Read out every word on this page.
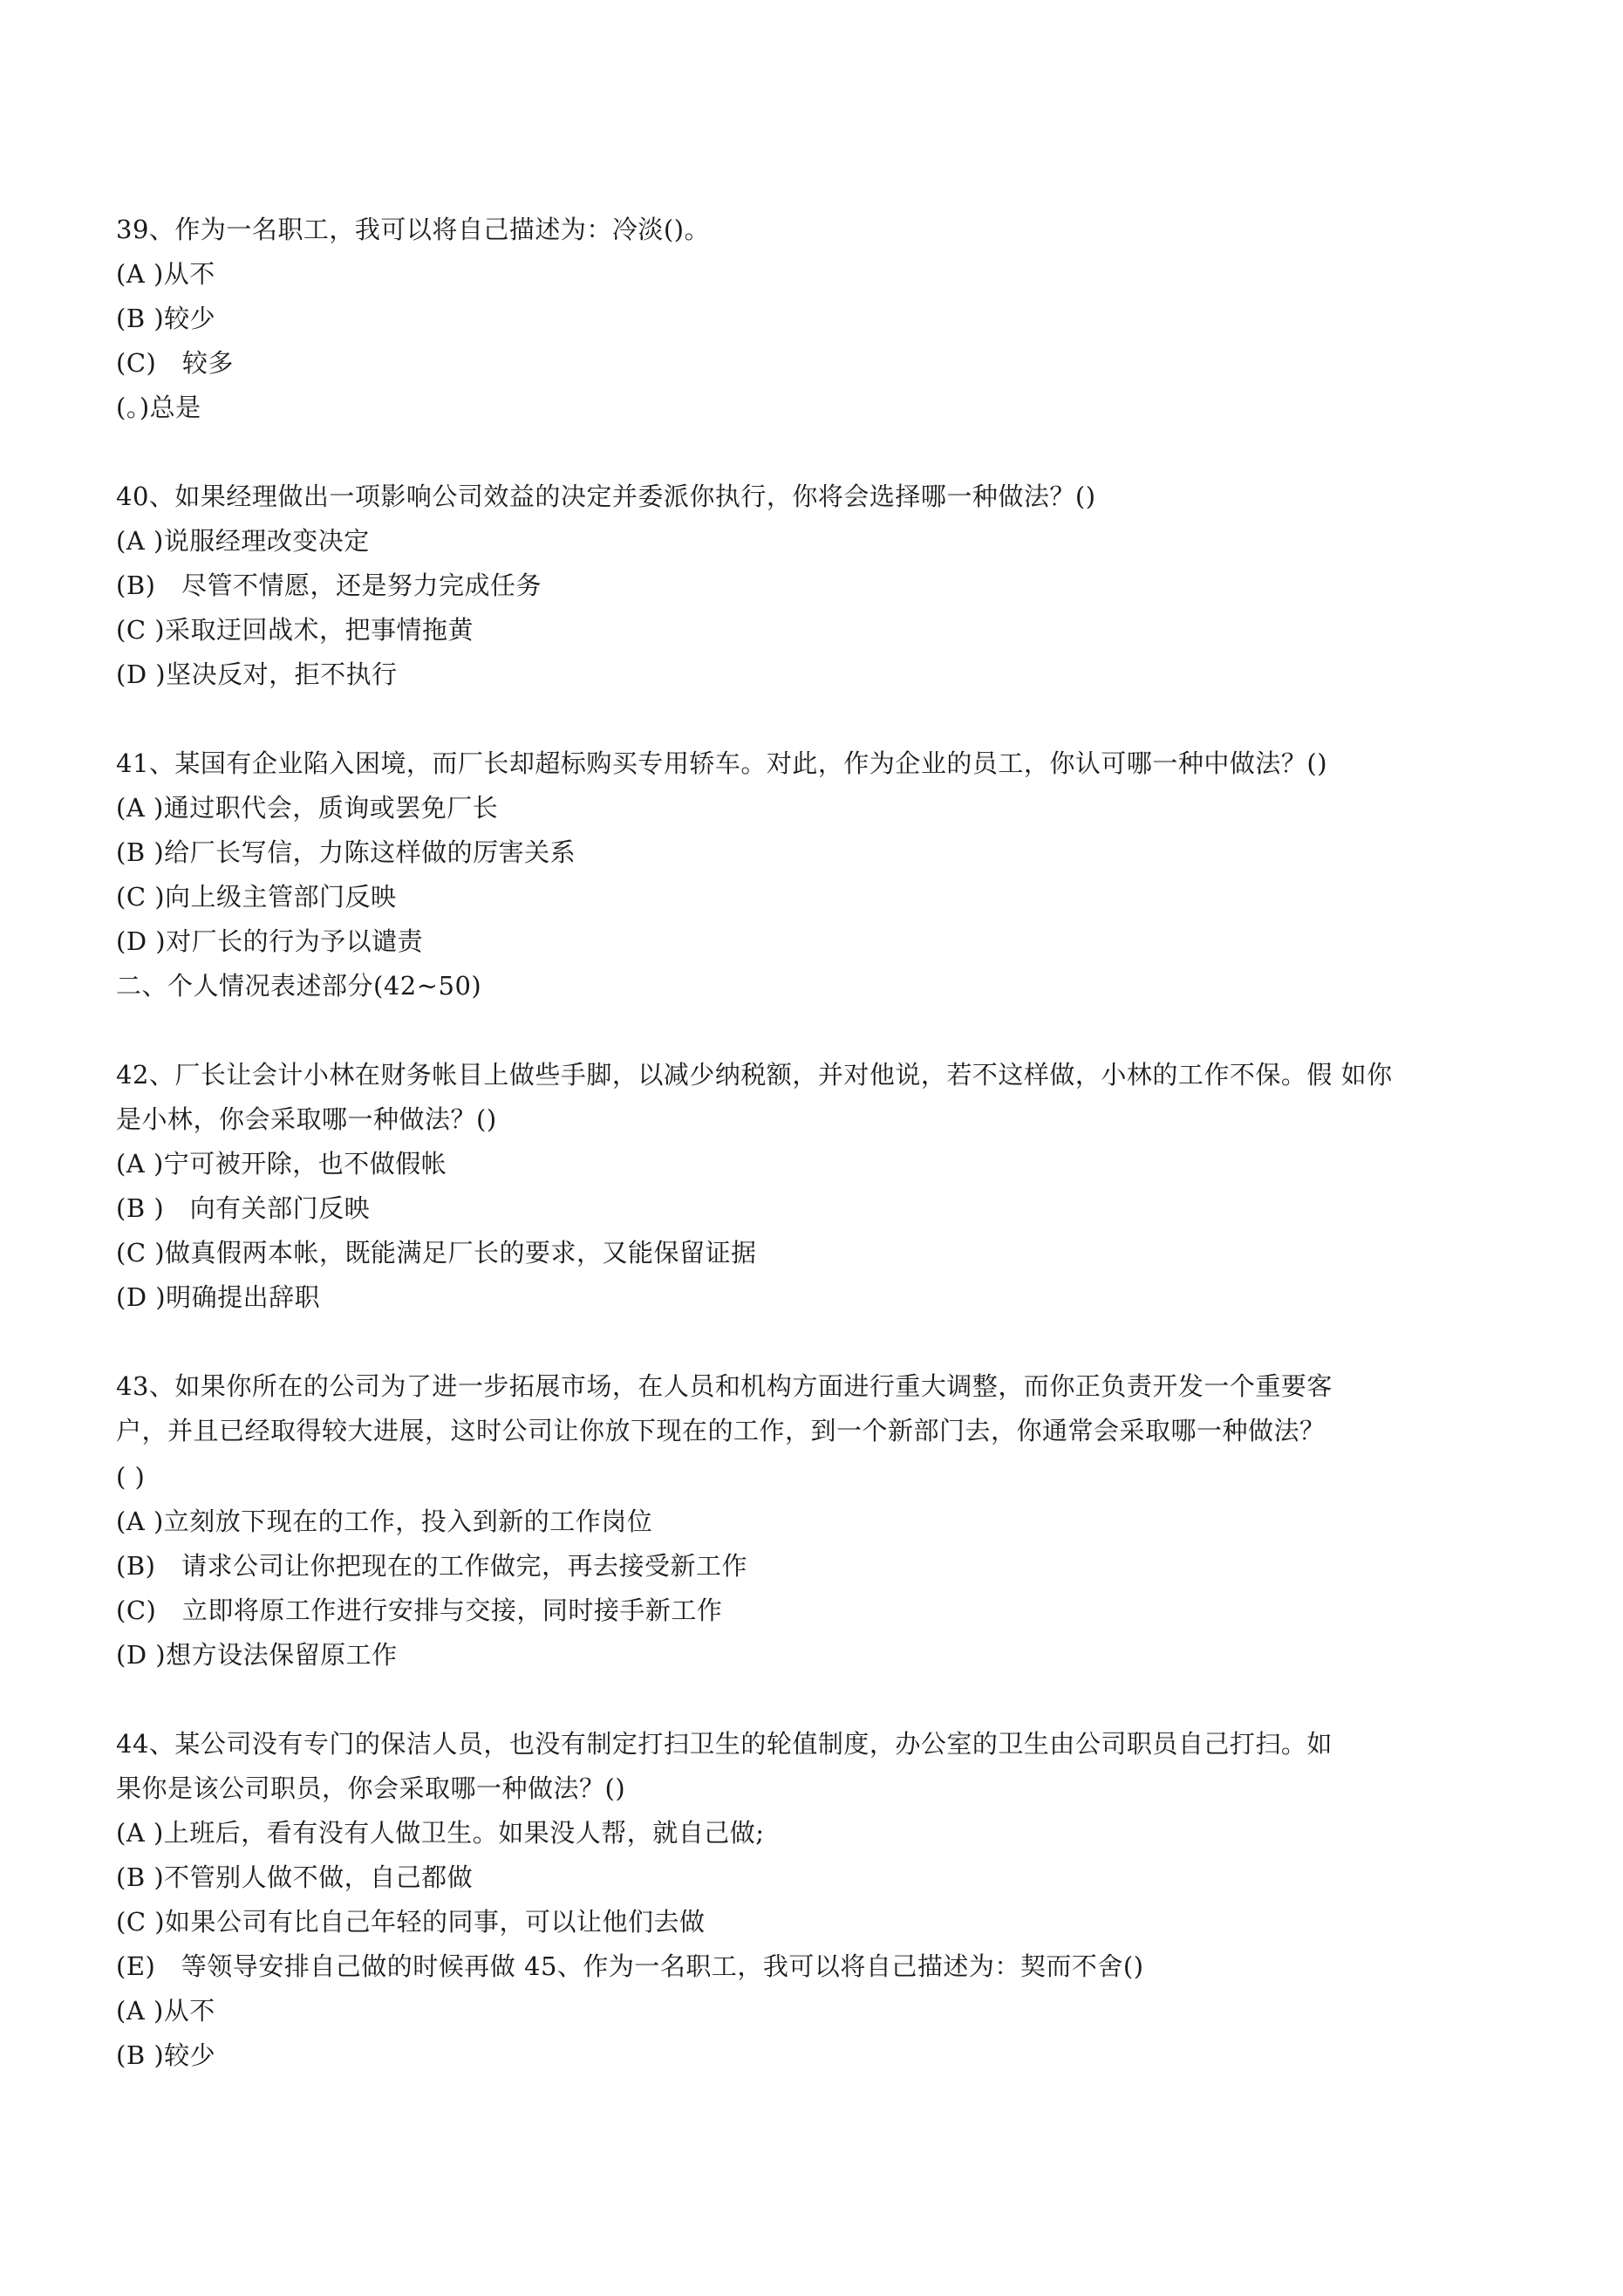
39、作为一名职工，我可以将自己描述为：冷淡()。
(A )从不
(B )较少
(C)　较多
(。)总是
40、如果经理做出一项影响公司效益的决定并委派你执行，你将会选择哪一种做法？()
(A )说服经理改变决定
(B)　尽管不情愿，还是努力完成任务
(C )采取迂回战术，把事情拖黄
(D )坚决反对，拒不执行
41、某国有企业陷入困境，而厂长却超标购买专用轿车。对此，作为企业的员工，你认可哪一种中做法？()
(A )通过职代会，质询或罢免厂长
(B )给厂长写信，力陈这样做的厉害关系
(C )向上级主管部门反映
(D )对厂长的行为予以谴责
二、个人情况表述部分(42~50)
42、厂长让会计小林在财务帐目上做些手脚，以减少纳税额，并对他说，若不这样做，小林的工作不保。假 如你
是小林，你会采取哪一种做法？()
(A )宁可被开除，也不做假帐
(B )　向有关部门反映
(C )做真假两本帐，既能满足厂长的要求，又能保留证据
(D )明确提出辞职
43、如果你所在的公司为了进一步拓展市场，在人员和机构方面进行重大调整，而你正负责开发一个重要客
户，并且已经取得较大进展，这时公司让你放下现在的工作，到一个新部门去，你通常会采取哪一种做法？
( )
(A )立刻放下现在的工作，投入到新的工作岗位
(B)　请求公司让你把现在的工作做完，再去接受新工作
(C)　立即将原工作进行安排与交接，同时接手新工作
(D )想方设法保留原工作
44、某公司没有专门的保洁人员，也没有制定打扫卫生的轮值制度，办公室的卫生由公司职员自己打扫。如
果你是该公司职员，你会采取哪一种做法？()
(A )上班后，看有没有人做卫生。如果没人帮，就自己做;
(B )不管别人做不做，自己都做
(C )如果公司有比自己年轻的同事，可以让他们去做
(E)　等领导安排自己做的时候再做 45、作为一名职工，我可以将自己描述为：契而不舍()
(A )从不
(B )较少
